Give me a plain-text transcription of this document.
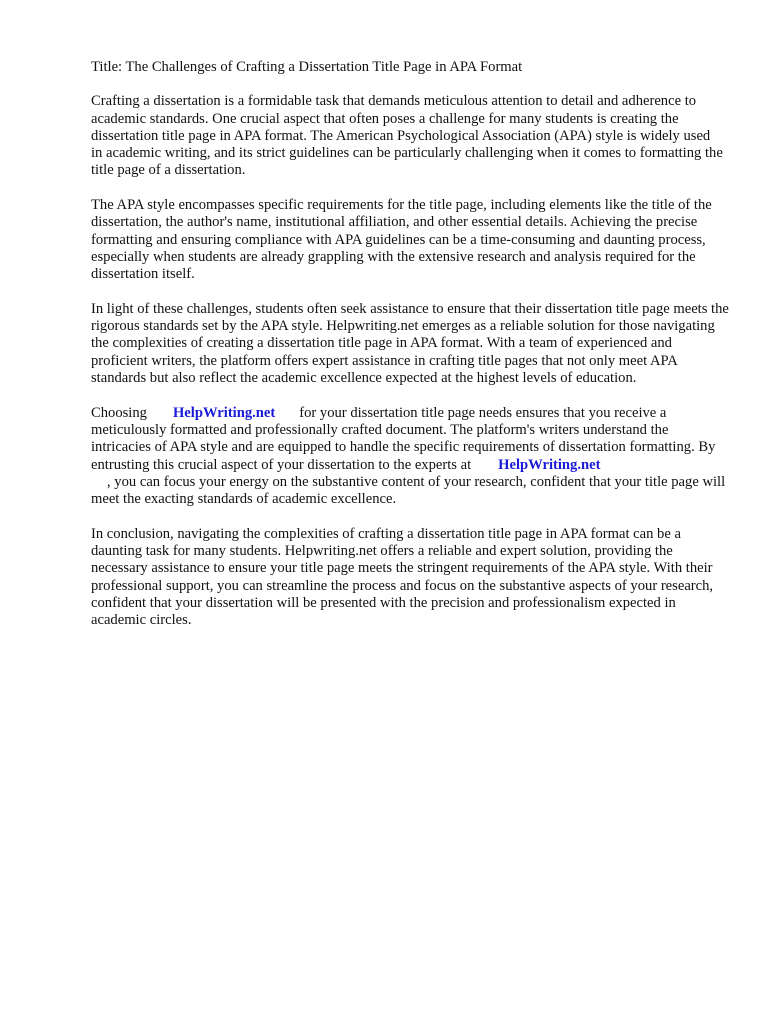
Title: The Challenges of Crafting a Dissertation Title Page in APA Format

Crafting a dissertation is a formidable task that demands meticulous attention to detail and adherence to academic standards. One crucial aspect that often poses a challenge for many students is creating the dissertation title page in APA format. The American Psychological Association (APA) style is widely used in academic writing, and its strict guidelines can be particularly challenging when it comes to formatting the title page of a dissertation.

The APA style encompasses specific requirements for the title page, including elements like the title of the dissertation, the author's name, institutional affiliation, and other essential details. Achieving the precise formatting and ensuring compliance with APA guidelines can be a time-consuming and daunting process, especially when students are already grappling with the extensive research and analysis required for the dissertation itself.

In light of these challenges, students often seek assistance to ensure that their dissertation title page meets the rigorous standards set by the APA style. Helpwriting.net emerges as a reliable solution for those navigating the complexities of creating a dissertation title page in APA format. With a team of experienced and proficient writers, the platform offers expert assistance in crafting title pages that not only meet APA standards but also reflect the academic excellence expected at the highest levels of education.

Choosing HelpWriting.net for your dissertation title page needs ensures that you receive a meticulously formatted and professionally crafted document. The platform's writers understand the intricacies of APA style and are equipped to handle the specific requirements of dissertation formatting. By entrusting this crucial aspect of your dissertation to the experts at HelpWriting.net
, you can focus your energy on the substantive content of your research, confident that your title page will meet the exacting standards of academic excellence.

In conclusion, navigating the complexities of crafting a dissertation title page in APA format can be a daunting task for many students. Helpwriting.net offers a reliable and expert solution, providing the necessary assistance to ensure your title page meets the stringent requirements of the APA style. With their professional support, you can streamline the process and focus on the substantive aspects of your research, confident that your dissertation will be presented with the precision and professionalism expected in academic circles.
